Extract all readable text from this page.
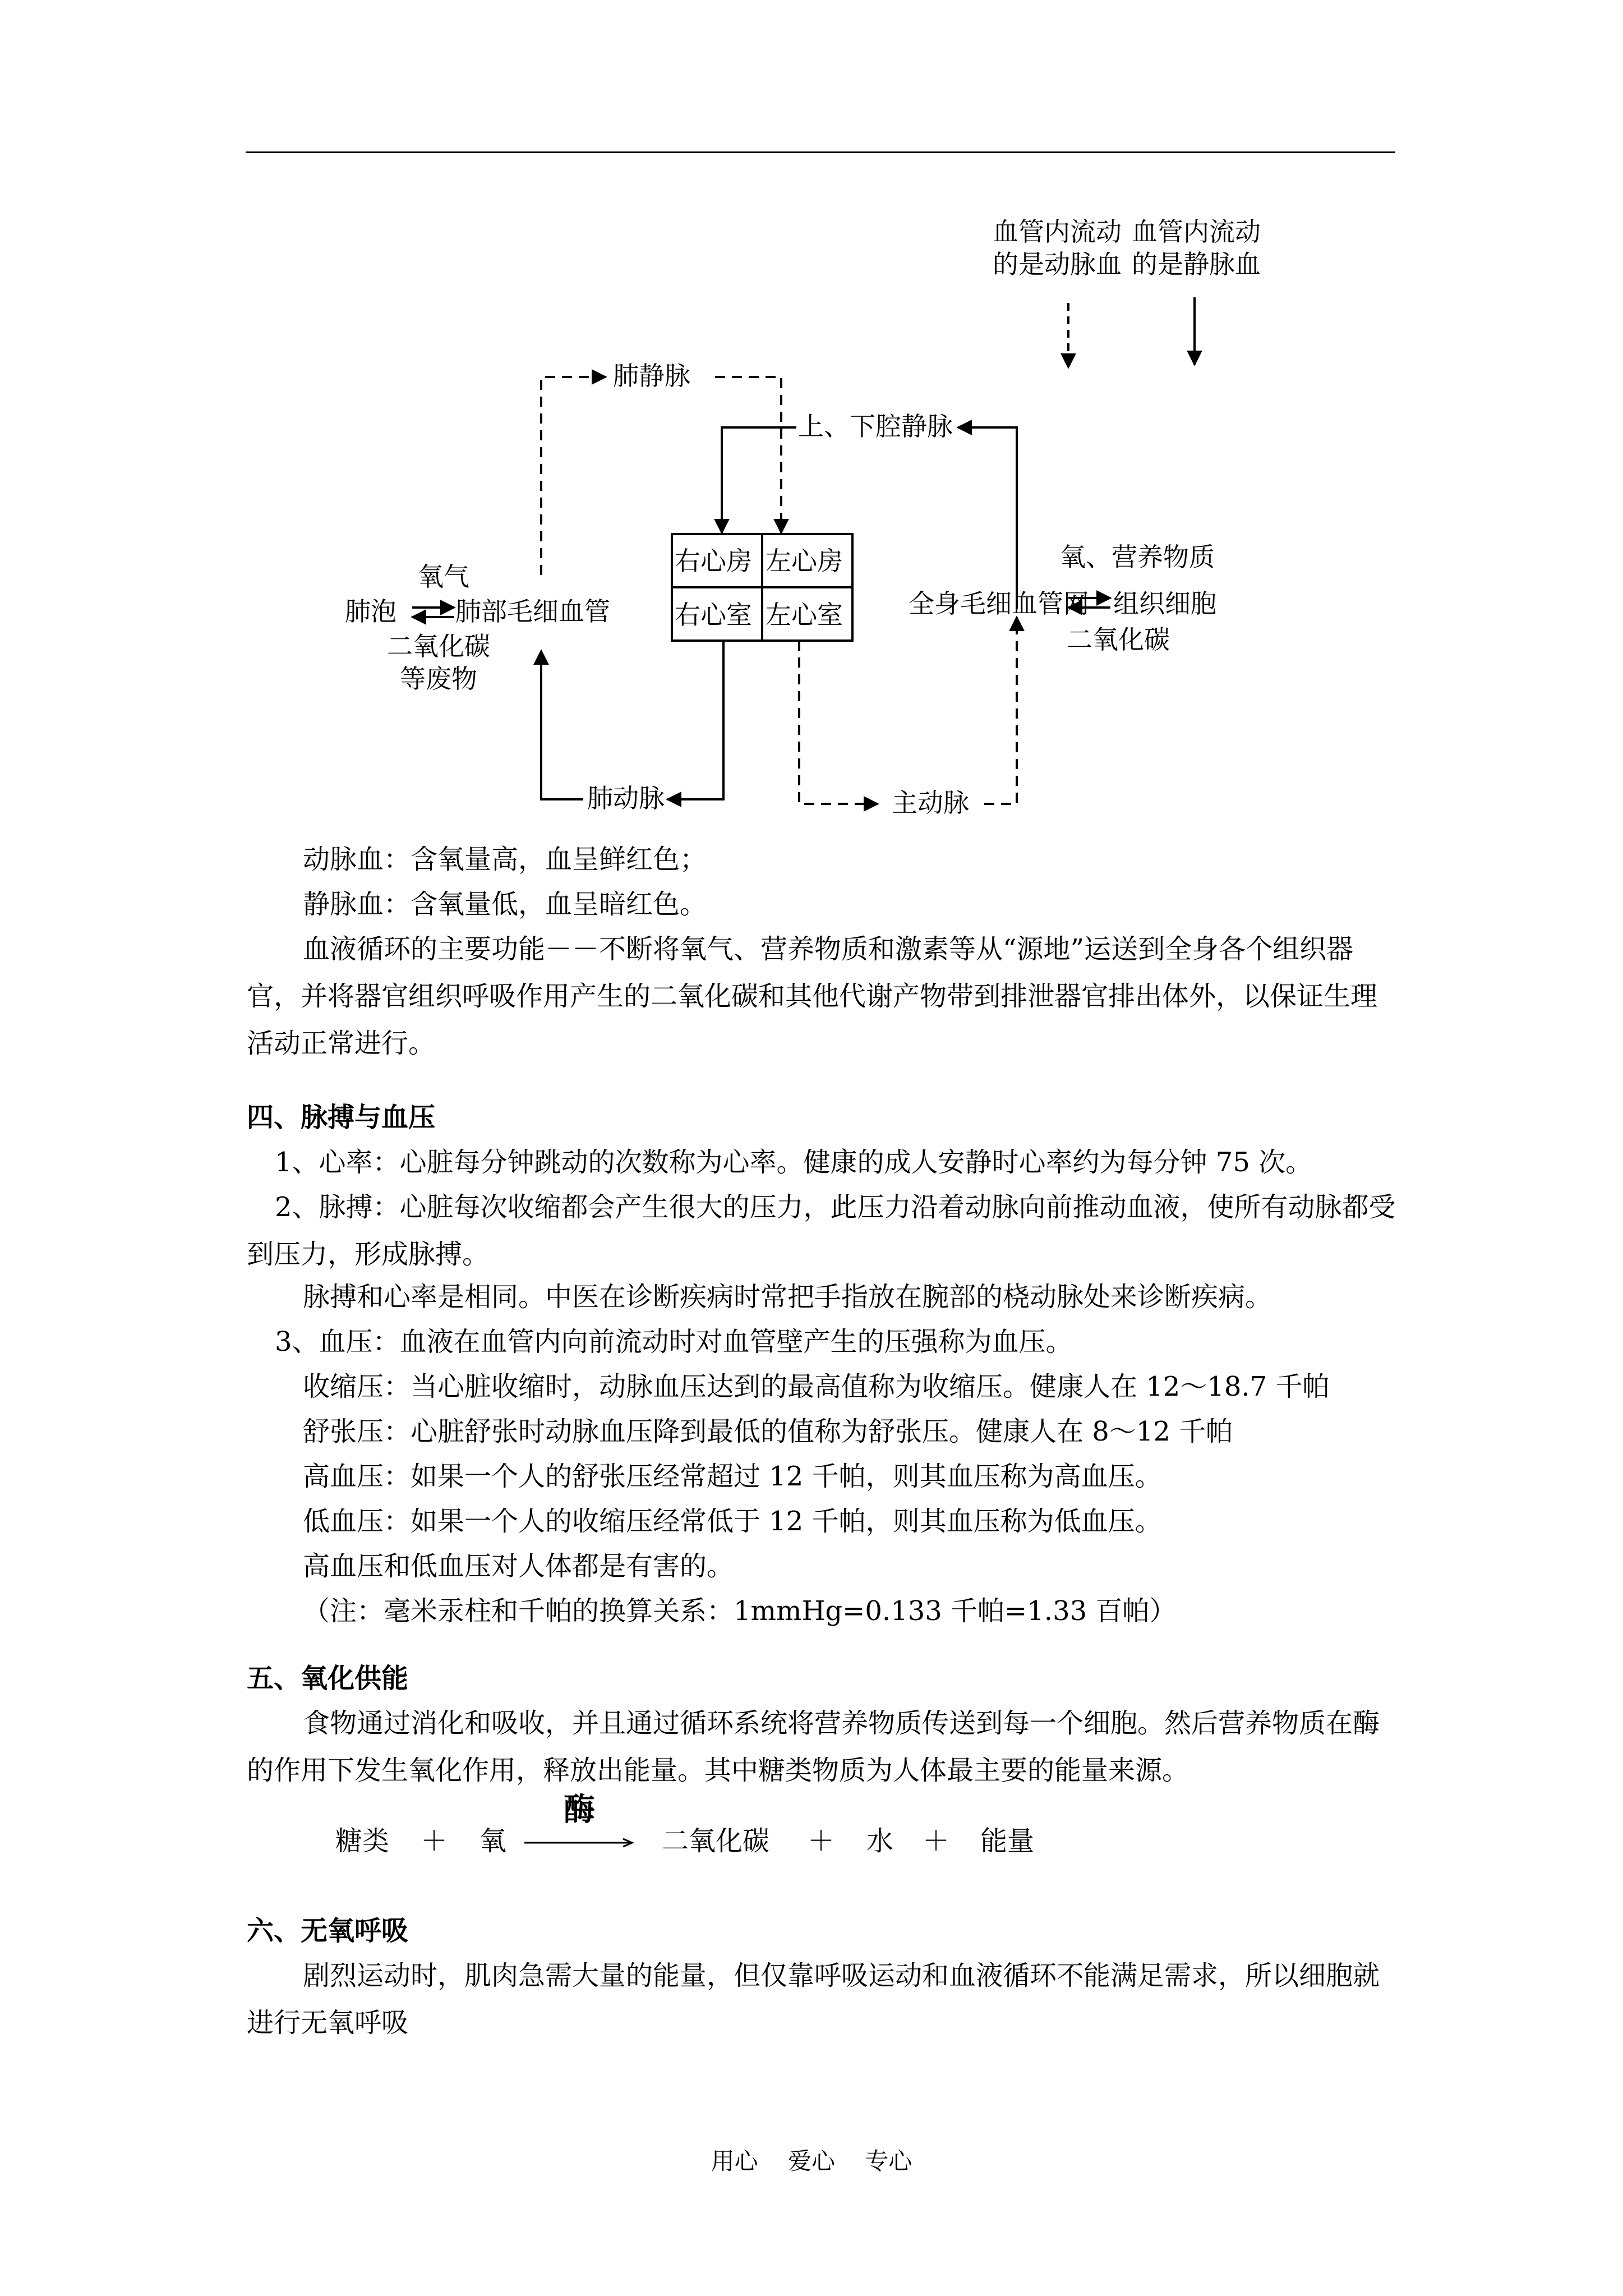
血管内流动
的是动脉血
血管内流动
的是静脉血
肺静脉
上、下腔静脉
右心房 左心房
右心室 左心室
氧气
肺泡 肺部毛细血管
二氧化碳
等废物
氧、营养物质
全身毛细血管网 组织细胞
二氧化碳
肺动脉	主动脉
动脉血：含氧量高，血呈鲜红色；
静脉血：含氧量低，血呈暗红色。
血液循环的主要功能－－不断将氧气、营养物质和激素等从“源地”运送到全身各个组织器官，并将器官组织呼吸作用产生的二氧化碳和其他代谢产物带到排泄器官排出体外，以保证生理活动正常进行。
四、脉搏与血压
1、心率：心脏每分钟跳动的次数称为心率。健康的成人安静时心率约为每分钟 75 次。
2、脉搏：心脏每次收缩都会产生很大的压力，此压力沿着动脉向前推动血液，使所有动脉都受到压力，形成脉搏。
脉搏和心率是相同。中医在诊断疾病时常把手指放在腕部的桡动脉处来诊断疾病。
3、血压：血液在血管内向前流动时对血管壁产生的压强称为血压。
收缩压：当心脏收缩时，动脉血压达到的最高值称为收缩压。健康人在 12～18.7 千帕
舒张压：心脏舒张时动脉血压降到最低的值称为舒张压。健康人在 8～12 千帕
高血压：如果一个人的舒张压经常超过 12 千帕，则其血压称为高血压。
低血压：如果一个人的收缩压经常低于 12 千帕，则其血压称为低血压。
高血压和低血压对人体都是有害的。
（注：毫米汞柱和千帕的换算关系：1mmHg=0.133 千帕=1.33 百帕）
五、氧化供能
食物通过消化和吸收，并且通过循环系统将营养物质传送到每一个细胞。然后营养物质在酶的作用下发生氧化作用，释放出能量。其中糖类物质为人体最主要的能量来源。
糖类 ＋ 氧
酶
二氧化碳 ＋ 水 ＋ 能量
六、无氧呼吸
剧烈运动时，肌肉急需大量的能量，但仅靠呼吸运动和血液循环不能满足需求，所以细胞就进行无氧呼吸
用心    爱心    专心
